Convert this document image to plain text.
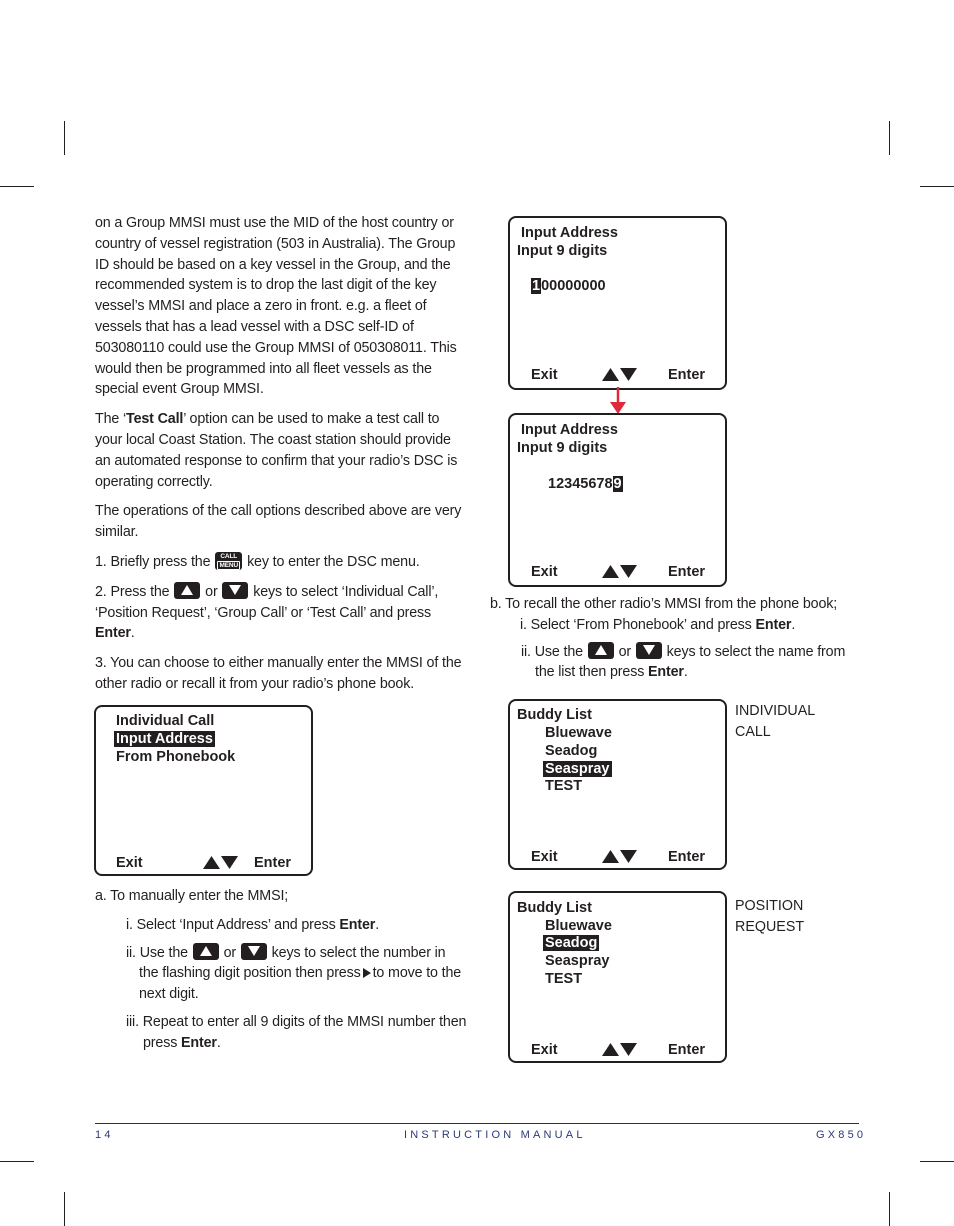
on a Group MMSI must use the MID of the host country or country of vessel registration (503 in Australia). The Group ID should be based on a key vessel in the Group, and the recommended system is to drop the last digit of the key vessel’s MMSI and place a zero in front. e.g. a fleet of vessels that has a lead vessel with a DSC self-ID of 503080110 could use the Group MMSI of 050308011. This would then be programmed into all fleet vessels as the special event Group MMSI.

The ‘Test Call’ option can be used to make a test call to your local Coast Station. The coast station should provide an automated response to confirm that your radio’s DSC is operating correctly.

The operations of the call options described above are very similar.

1. Briefly press the	CALL
MENU key to enter the DSC menu.
2. Press the or keys to select ‘Individual Call’, ‘Position Request’, ‘Group Call’ or ‘Test Call’ and press Enter.
3. You can choose to either manually enter the MMSI of the other radio or recall it from your radio’s phone book.
Individual Call
Input Address
From Phonebook
Exit	Enter
a. To manually enter the MMSI;
i. Select ‘Input Address’ and press Enter.
ii. Use the or keys to select the number in the flashing digit position then press to move to the next digit.
iii. Repeat to enter all 9 digits of the MMSI number then press Enter.
Input Address
Input 9 digits
100000000
Exit	Enter
Input Address
Input 9 digits
123456789
Exit	Enter
b. To recall the other radio’s MMSI from the phone book;
i. Select ‘From Phonebook’ and press Enter.
ii. Use the or keys to select the name from the list then press Enter.
Buddy List
Bluewave
Seadog
Seaspray
TEST
Exit	Enter
INDIVIDUAL
CALL
Buddy List
Bluewave
Seadog
Seaspray
TEST
Exit	Enter
POSITION
REQUEST
14	INSTRUCTION MANUAL	GX850
